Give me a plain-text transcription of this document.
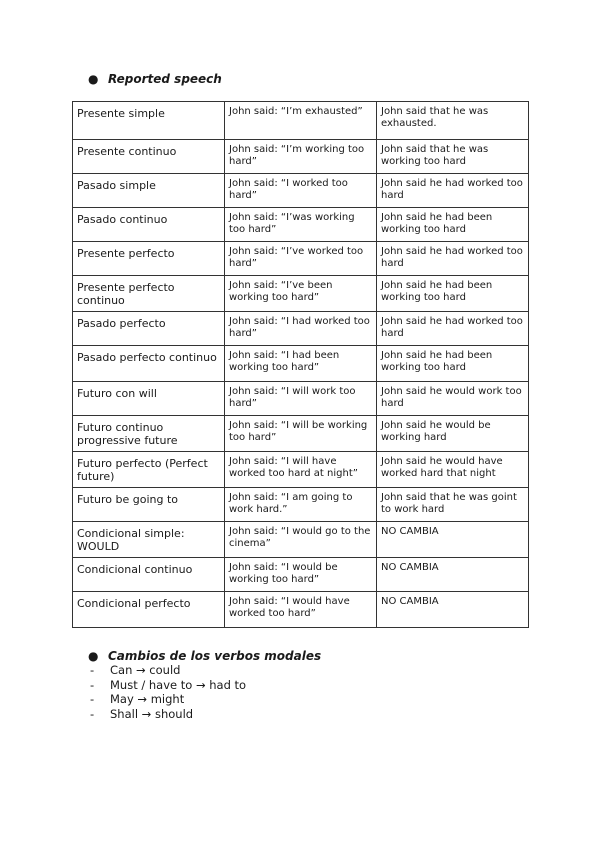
● Reported speech
Presente simple	John said: “I’m exhausted”	John said that he was exhausted.
Presente continuo	John said: “I’m working too hard”	John said that he was working too hard
Pasado simple	John said: “I worked too hard”	John said he had worked too hard
Pasado continuo	John said: “I’was working too hard”	John said he had been working too hard
Presente perfecto	John said: “I’ve worked too hard”	John said he had worked too hard
Presente perfecto continuo	John said: “I’ve been working too hard”	John said he had been working too hard
Pasado perfecto	John said: “I had worked too hard”	John said he had worked too hard
Pasado perfecto continuo	John said: “I had been working too hard”	John said he had been working too hard
Futuro con will	John said: “I will work too hard”	John said he would work too hard
Futuro continuo progressive future	John said: “I will be working too hard”	John said he would be working hard
Futuro perfecto (Perfect future)	John said: “I will have worked too hard at night”	John said he would have worked hard that night
Futuro be going to	John said: “I am going to work hard.”	John said that he was goint to work hard
Condicional simple: WOULD	John said: “I would go to the cinema”	NO CAMBIA
Condicional continuo	John said: “I would be working too hard”	NO CAMBIA
Condicional perfecto	John said: “I would have worked too hard”	NO CAMBIA
● Cambios de los verbos modales
-	Can → could
-	Must / have to → had to
-	May → might
-	Shall → should
